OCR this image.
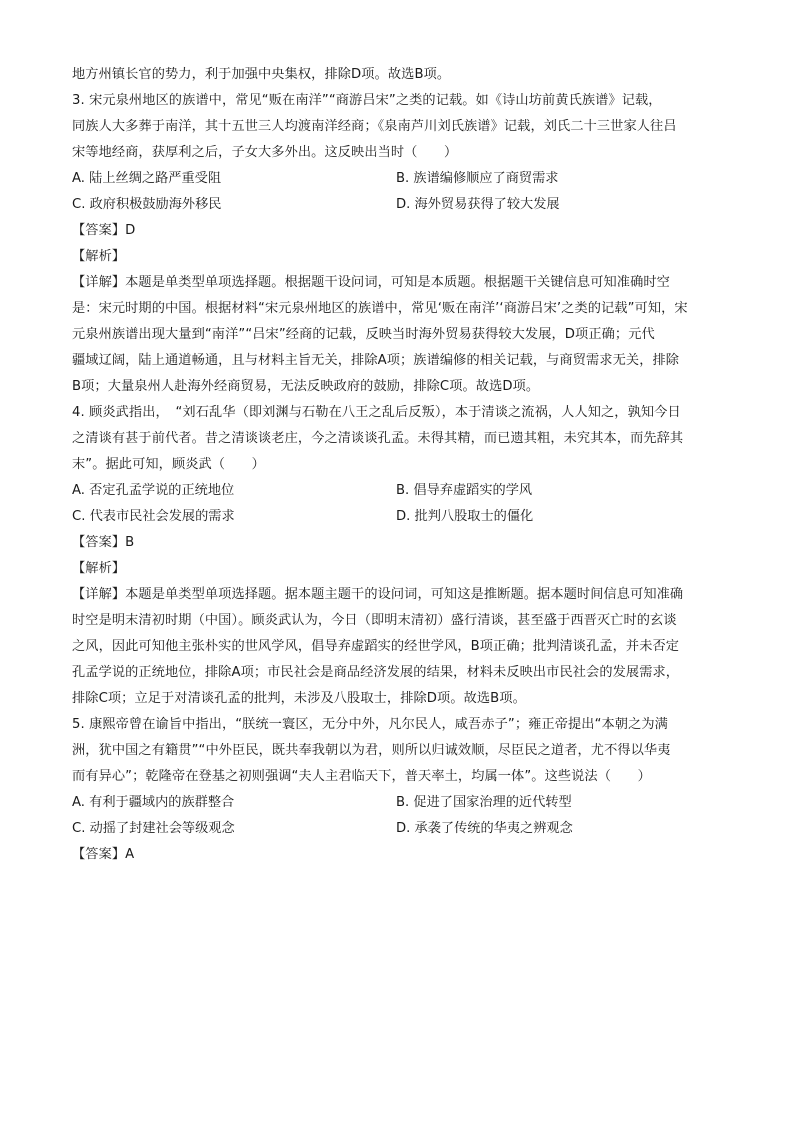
地方州镇长官的势力，利于加强中央集权，排除D项。故选B项。
3. 宋元泉州地区的族谱中，常见“贩在南洋”“商游吕宋”之类的记载。如《诗山坊前黄氏族谱》记载，
同族人大多葬于南洋，其十五世三人均渡南洋经商；《泉南芦川刘氏族谱》记载，刘氏二十三世家人往吕
宋等地经商，获厚利之后，子女大多外出。这反映出当时（　　）
A. 陆上丝绸之路严重受阻	B. 族谱编修顺应了商贸需求
C. 政府积极鼓励海外移民	D. 海外贸易获得了较大发展
【答案】D
【解析】
【详解】本题是单类型单项选择题。根据题干设问词，可知是本质题。根据题干关键信息可知准确时空
是：宋元时期的中国。根据材料“宋元泉州地区的族谱中，常见‘贩在南洋’‘商游吕宋’之类的记载”可知，宋
元泉州族谱出现大量到“南洋”“吕宋”经商的记载，反映当时海外贸易获得较大发展，D项正确；元代
疆域辽阔，陆上通道畅通，且与材料主旨无关，排除A项；族谱编修的相关记载，与商贸需求无关，排除
B项；大量泉州人赴海外经商贸易，无法反映政府的鼓励，排除C项。故选D项。
4. 顾炎武指出，　“刘石乱华（即刘渊与石勒在八王之乱后反叛），本于清谈之流祸，人人知之，孰知今日
之清谈有甚于前代者。昔之清谈谈老庄，今之清谈谈孔孟。未得其精，而已遗其粗，未究其本，而先辞其
末”。据此可知，顾炎武（　　）
A. 否定孔孟学说的正统地位	B. 倡导弃虚蹈实的学风
C. 代表市民社会发展的需求	D. 批判八股取士的僵化
【答案】B
【解析】
【详解】本题是单类型单项选择题。据本题主题干的设问词，可知这是推断题。据本题时间信息可知准确
时空是明末清初时期（中国）。顾炎武认为，今日（即明末清初）盛行清谈，甚至盛于西晋灭亡时的玄谈
之风，因此可知他主张朴实的世风学风，倡导弃虚蹈实的经世学风，B项正确；批判清谈孔孟，并未否定
孔孟学说的正统地位，排除A项；市民社会是商品经济发展的结果，材料未反映出市民社会的发展需求，
排除C项；立足于对清谈孔孟的批判，未涉及八股取士，排除D项。故选B项。
5. 康熙帝曾在谕旨中指出，“朕统一寰区，无分中外，凡尔民人，咸吾赤子”；雍正帝提出“本朝之为满
洲，犹中国之有籍贯”“中外臣民，既共奉我朝以为君，则所以归诚效顺，尽臣民之道者，尤不得以华夷
而有异心”；乾隆帝在登基之初则强调“夫人主君临天下，普天率土，均属一体”。这些说法（　　）
A. 有利于疆域内的族群整合	B. 促进了国家治理的近代转型
C. 动摇了封建社会等级观念	D. 承袭了传统的华夷之辨观念
【答案】A
